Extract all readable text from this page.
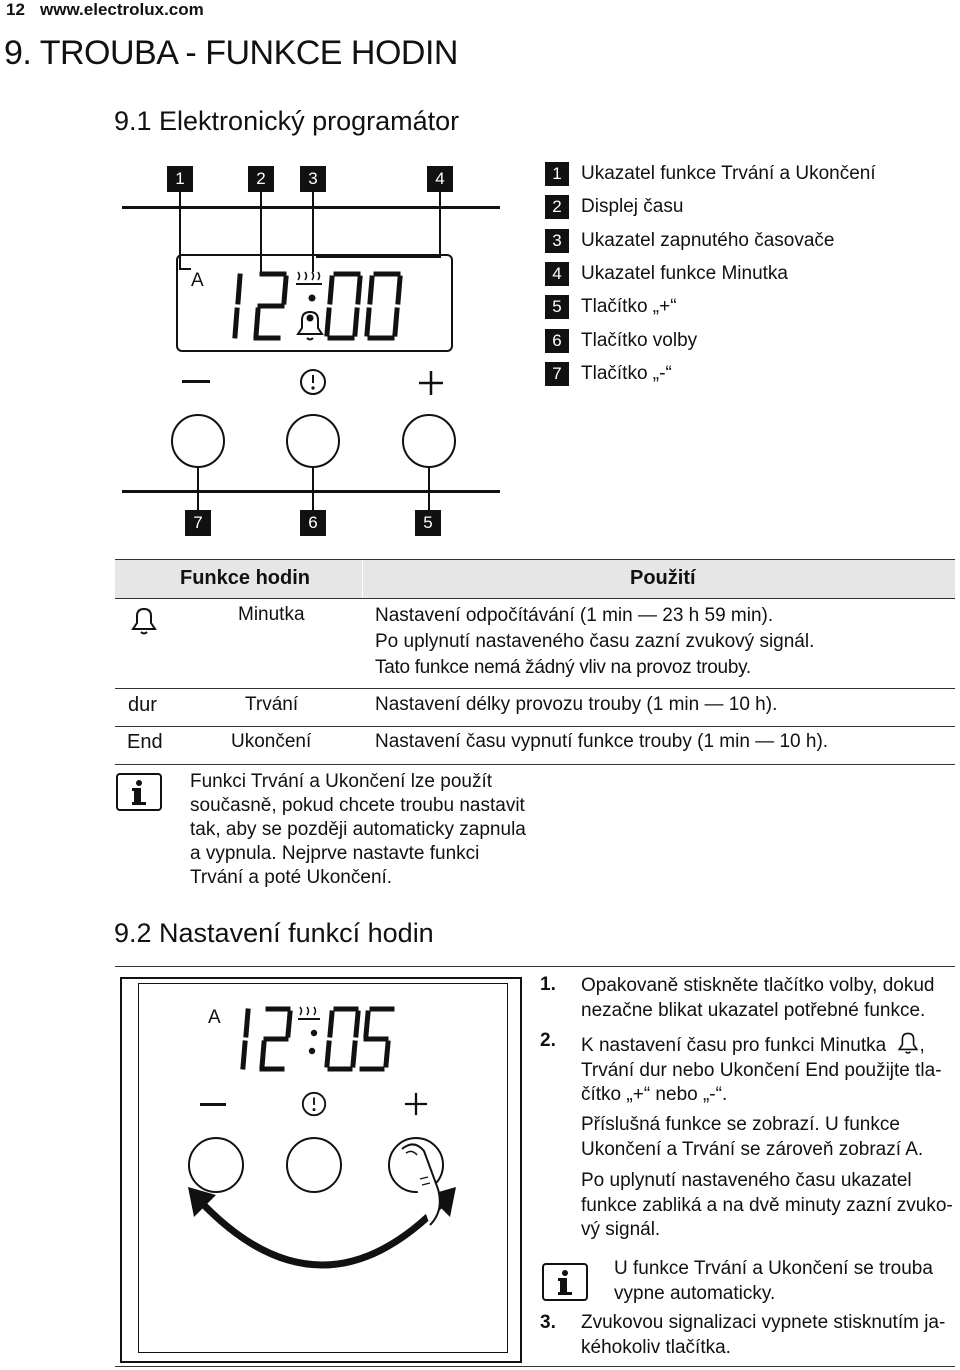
12 www.electrolux.com
9. TROUBA - FUNKCE HODIN
9.1 Elektronický programátor
1	2	3	4
A
7	6	5
1	Ukazatel funkce Trvání a Ukončení
2	Displej času
3	Ukazatel zapnutého časovače
4	Ukazatel funkce Minutka
5	Tlačítko „+“
6	Tlačítko volby
7	Tlačítko „-“
Funkce hodin	Použití
Minutka	Nastavení odpočítávání (1 min — 23 h 59 min).
Po uplynutí nastaveného času zazní zvukový signál.
Tato funkce nemá žádný vliv na provoz trouby.
dur	Trvání	Nastavení délky provozu trouby (1 min — 10 h).
End	Ukončení	Nastavení času vypnutí funkce trouby (1 min — 10 h).
Funkci Trvání a Ukončení lze použít
současně, pokud chcete troubu nastavit
tak, aby se později automaticky zapnula
a vypnula. Nejprve nastavte funkci
Trvání a poté Ukončení.
9.2 Nastavení funkcí hodin
A
1. Opakovaně stiskněte tlačítko volby, dokud
nezačne blikat ukazatel potřebné funkce.
2. K nastavení času pro funkci Minutka ,
Trvání dur nebo Ukončení End použijte tla-
čítko „+“ nebo „-“.
Příslušná funkce se zobrazí. U funkce
Ukončení a Trvání se zároveň zobrazí A.
Po uplynutí nastaveného času ukazatel
funkce zabliká a na dvě minuty zazní zvuko-
vý signál.
U funkce Trvání a Ukončení se trouba
vypne automaticky.
3. Zvukovou signalizaci vypnete stisknutím ja-
kéhokoliv tlačítka.
